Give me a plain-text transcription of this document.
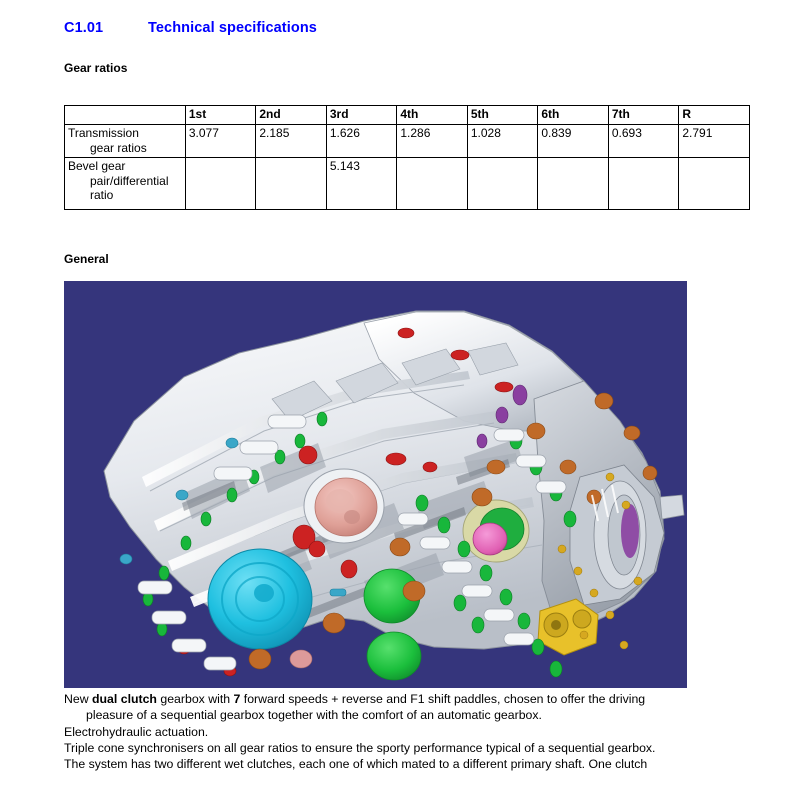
C1.01	Technical specifications
Gear ratios
	1st	2nd	3rd	4th	5th	6th	7th	R
Transmission
gear ratios	3.077	2.185	1.626	1.286	1.028	0.839	0.693	2.791
Bevel gear
pair/differential
ratio			5.143					
General

New dual clutch gearbox with 7 forward speeds + reverse and F1 shift paddles, chosen to offer the driving

pleasure of a sequential gearbox together with the comfort of an automatic gearbox.

Electrohydraulic actuation.

Triple cone synchronisers on all gear ratios to ensure the sporty performance typical of a sequential gearbox.

The system has two different wet clutches, each one of which mated to a different primary shaft. One clutch
